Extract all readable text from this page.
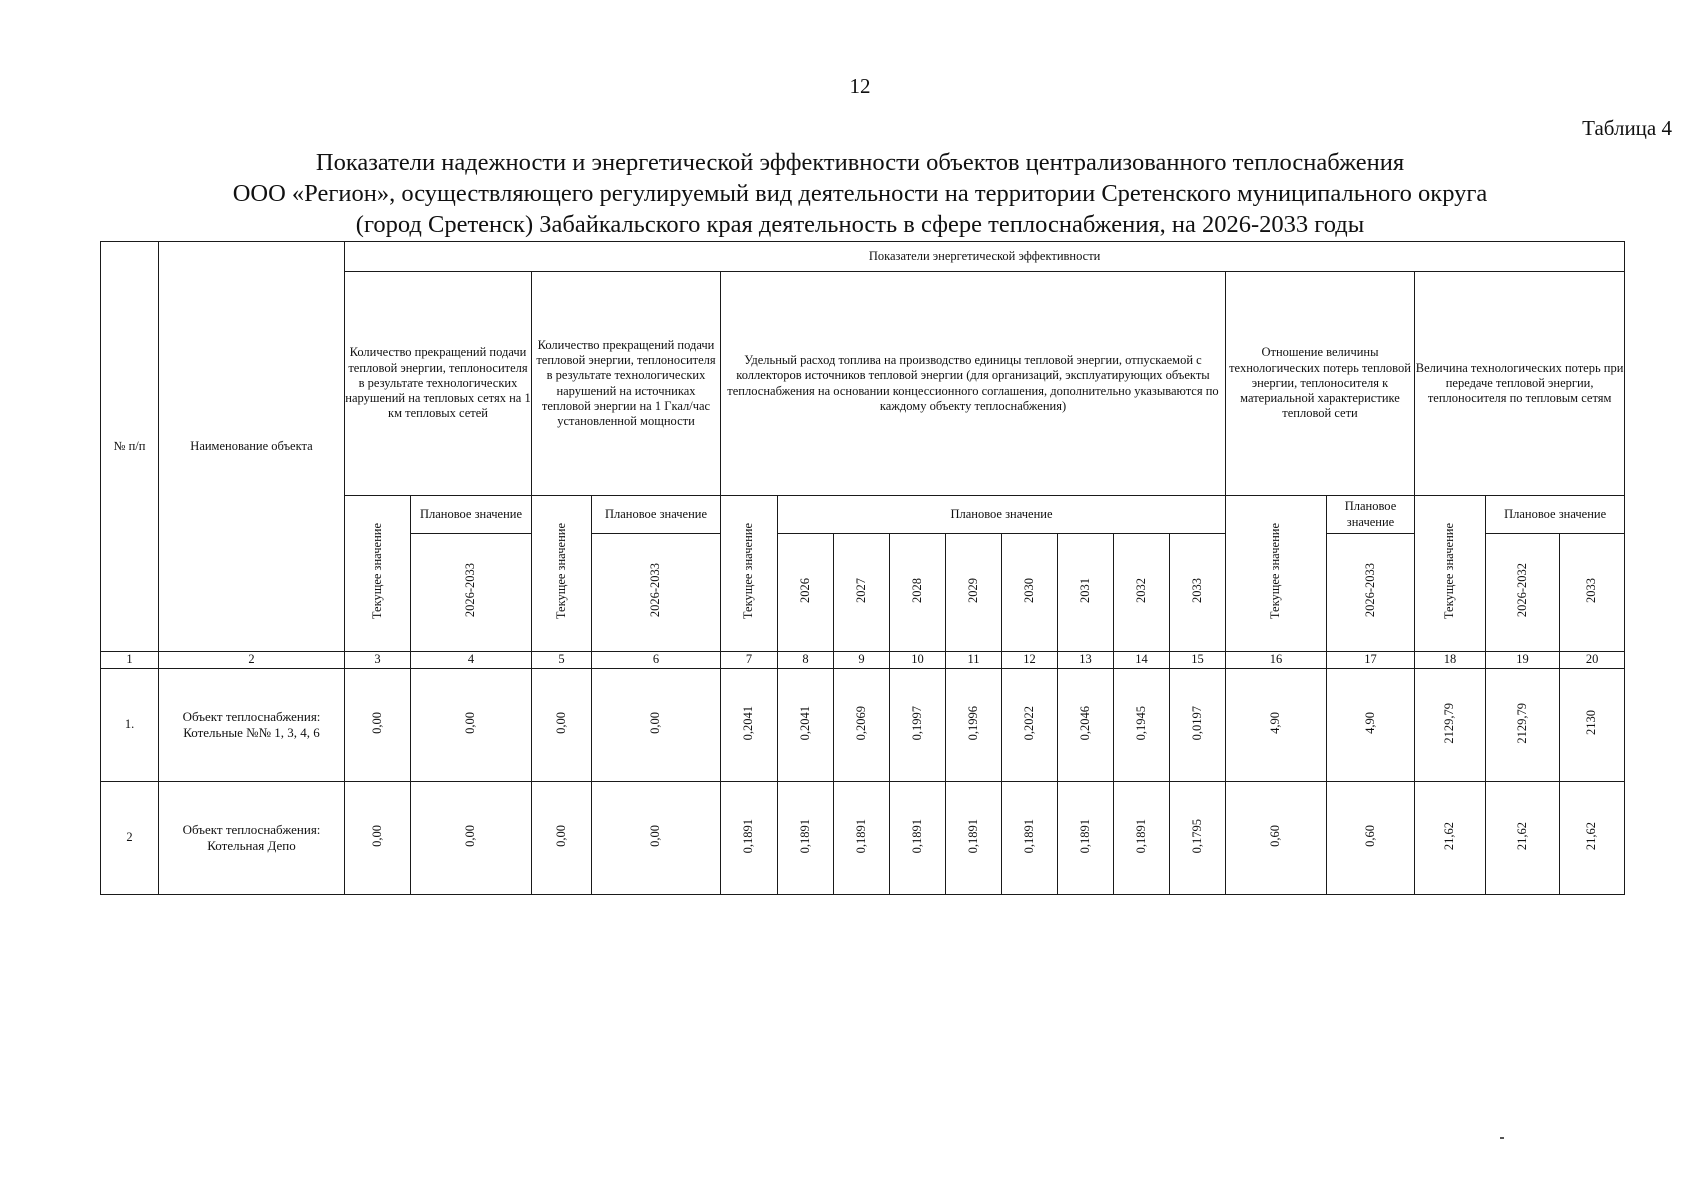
12
Таблица 4
Показатели надежности и энергетической эффективности объектов централизованного теплоснабжения
ООО «Регион», осуществляющего регулируемый вид деятельности на территории Сретенского муниципального округа
(город Сретенск) Забайкальского края деятельность в сфере теплоснабжения, на 2026-2033 годы
№ п/п	Наименование объекта	Показатели энергетической эффективности																	
		Количество прекращений подачи тепловой энергии, теплоносителя в результате технологических нарушений на тепловых сетях на 1 км тепловых сетей		Количество прекращений подачи тепловой энергии, теплоносителя в результате технологических нарушений на источниках тепловой энергии на 1 Гкал/час установленной мощности		Удельный расход топлива на производство единицы тепловой энергии, отпускаемой с коллекторов источников тепловой энергии (для организаций, эксплуатирующих объекты теплоснабжения на основании концессионного соглашения, дополнительно указываются по каждому объекту теплоснабжения)									Отношение величины технологических потерь тепловой энергии, теплоносителя к материальной характеристике тепловой сети		Величина технологических потерь при передаче тепловой энергии, теплоносителя по тепловым сетям		
		Текущее значение	Плановое значение	Текущее значение	Плановое значение	Текущее значение	Плановое значение								Текущее значение	Плановое значение	Текущее значение	Плановое значение	
			2026-2033		2026-2033		2026	2027	2028	2029	2030	2031	2032	2033		2026-2033		2026-2032	2033
1	2	3	4	5	6	7	8	9	10	11	12	13	14	15	16	17	18	19	20
1.	Объект теплоснабжения: Котельные №№ 1, 3, 4, 6	0,00	0,00	0,00	0,00	0,2041	0,2041	0,2069	0,1997	0,1996	0,2022	0,2046	0,1945	0,0197	4,90	4,90	2129,79	2129,79	2130
2	Объект теплоснабжения: Котельная Депо	0,00	0,00	0,00	0,00	0,1891	0,1891	0,1891	0,1891	0,1891	0,1891	0,1891	0,1891	0,1795	0,60	0,60	21,62	21,62	21,62
